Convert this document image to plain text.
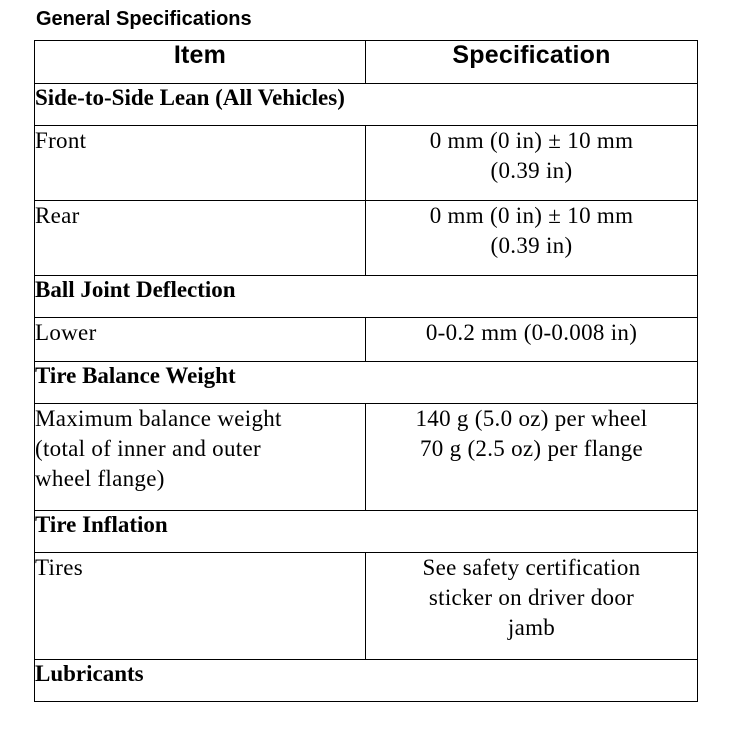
General Specifications
Item	Specification
Side-to-Side Lean (All Vehicles)	

Front	0 mm (0 in) ± 10 mm
(0.39 in)

Rear	0 mm (0 in) ± 10 mm
(0.39 in)

Ball Joint Deflection	

Lower	0-0.2 mm (0-0.008 in)

Tire Balance Weight	

Maximum balance weight
(total of inner and outer
wheel flange)	140 g (5.0 oz) per wheel
70 g (2.5 oz) per flange

Tire Inflation	

Tires	See safety certification
sticker on driver door
jamb

Lubricants	
